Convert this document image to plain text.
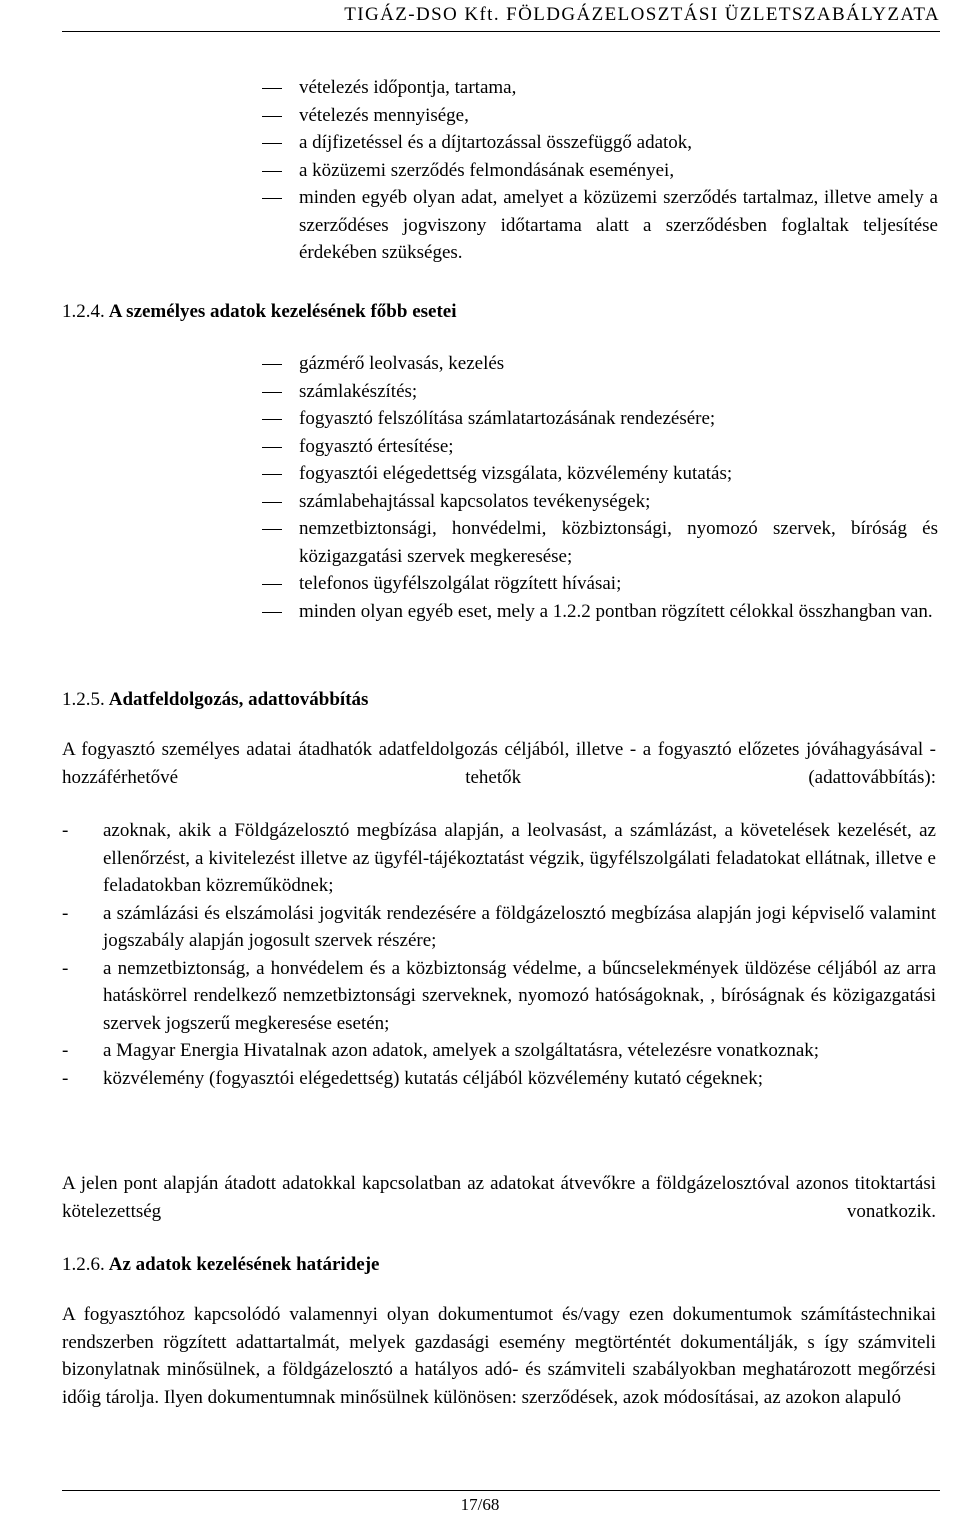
TIGÁZ-DSO Kft. FÖLDGÁZELOSZTÁSI ÜZLETSZABÁLYZATA
vételezés időpontja, tartama,
vételezés mennyisége,
a díjfizetéssel és a díjtartozással összefüggő adatok,
a közüzemi szerződés felmondásának eseményei,
minden egyéb olyan adat, amelyet a közüzemi szerződés tartalmaz, illetve amely a szerződéses jogviszony időtartama alatt a szerződésben foglaltak teljesítése érdekében szükséges.
1.2.4. A személyes adatok kezelésének főbb esetei
gázmérő leolvasás, kezelés
számlakészítés;
fogyasztó felszólítása számlatartozásának rendezésére;
fogyasztó értesítése;
fogyasztói elégedettség vizsgálata, közvélemény kutatás;
számlabehajtással kapcsolatos tevékenységek;
nemzetbiztonsági, honvédelmi, közbiztonsági, nyomozó szervek, bíróság és közigazgatási szervek megkeresése;
telefonos ügyfélszolgálat rögzített hívásai;
minden olyan egyéb eset, mely a 1.2.2 pontban rögzített célokkal összhangban van.
1.2.5. Adatfeldolgozás, adattovábbítás

A fogyasztó személyes adatai átadhatók adatfeldolgozás céljából, illetve - a fogyasztó előzetes jóváhagyásával - hozzáférhetővé tehetők (adattovábbítás):

- azoknak, akik a Földgázelosztó megbízása alapján, a leolvasást, a számlázást, a követelések kezelését, az ellenőrzést, a kivitelezést illetve az ügyfél-tájékoztatást végzik, ügyfélszolgálati feladatokat ellátnak, illetve e feladatokban közreműködnek;
- a számlázási és elszámolási jogviták rendezésére a földgázelosztó megbízása alapján jogi képviselő valamint jogszabály alapján jogosult szervek részére;
- a nemzetbiztonság, a honvédelem és a közbiztonság védelme, a bűncselekmények üldözése céljából az arra hatáskörrel rendelkező nemzetbiztonsági szerveknek, nyomozó hatóságoknak, , bíróságnak és közigazgatási szervek jogszerű megkeresése esetén;
- a Magyar Energia Hivatalnak azon adatok, amelyek a szolgáltatásra, vételezésre vonatkoznak;
- közvélemény (fogyasztói elégedettség) kutatás céljából közvélemény kutató cégeknek;

A jelen pont alapján átadott adatokkal kapcsolatban az adatokat átvevőkre a földgázelosztóval azonos titoktartási kötelezettség vonatkozik.

1.2.6. Az adatok kezelésének határideje

A fogyasztóhoz kapcsolódó valamennyi olyan dokumentumot és/vagy ezen dokumentumok számítástechnikai rendszerben rögzített adattartalmát, melyek gazdasági esemény megtörténtét dokumentálják, s így számviteli bizonylatnak minősülnek, a földgázelosztó a hatályos adó- és számviteli szabályokban meghatározott megőrzési időig tárolja. Ilyen dokumentumnak minősülnek különösen: szerződések, azok módosításai, az azokon alapuló

17/68
